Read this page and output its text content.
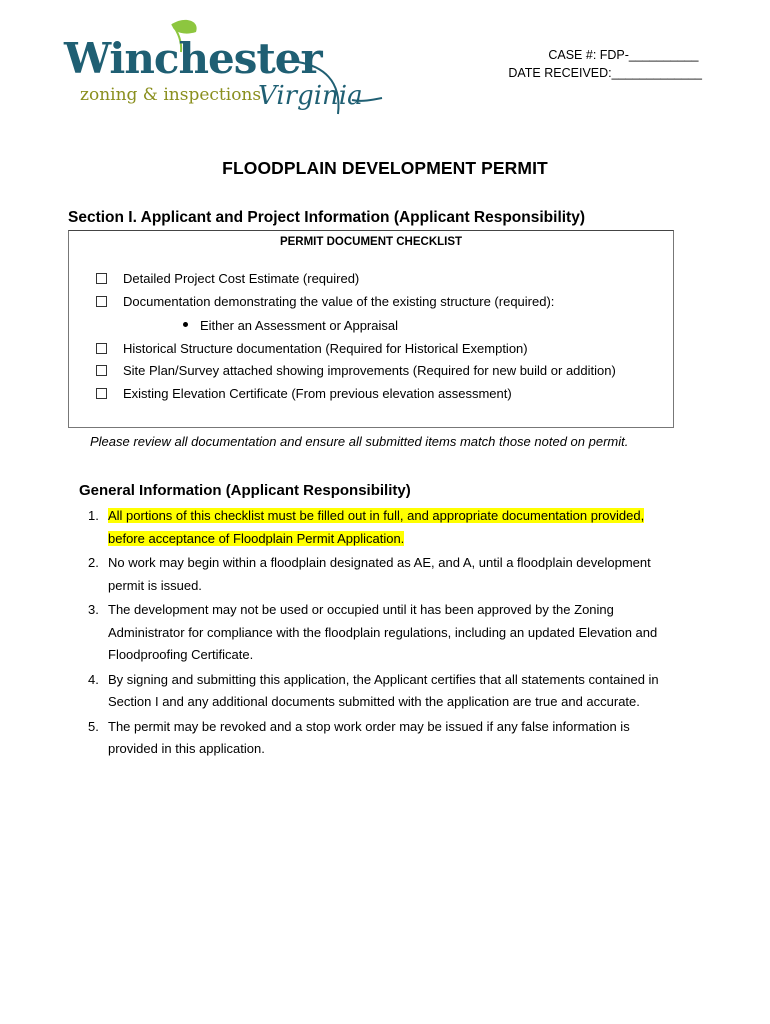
Winchester
zoning & inspections
Virginia
CASE #: FDP-__________
DATE RECEIVED:_____________
FLOODPLAIN DEVELOPMENT PERMIT
Section I. Applicant and Project Information (Applicant Responsibility)
PERMIT DOCUMENT CHECKLIST
Detailed Project Cost Estimate (required)
Documentation demonstrating the value of the existing structure (required):
Either an Assessment or Appraisal
Historical Structure documentation (Required for Historical Exemption)
Site Plan/Survey attached showing improvements (Required for new build or addition)
Existing Elevation Certificate (From previous elevation assessment)
Please review all documentation and ensure all submitted items match those noted on permit.
General Information (Applicant Responsibility)
1. All portions of this checklist must be filled out in full, and appropriate documentation provided,
before acceptance of Floodplain Permit Application.
2. No work may begin within a floodplain designated as AE, and A, until a floodplain development
permit is issued.
3. The development may not be used or occupied until it has been approved by the Zoning
Administrator for compliance with the floodplain regulations, including an updated Elevation and
Floodproofing Certificate.
4. By signing and submitting this application, the Applicant certifies that all statements contained in
Section I and any additional documents submitted with the application are true and accurate.
5. The permit may be revoked and a stop work order may be issued if any false information is
provided in this application.
